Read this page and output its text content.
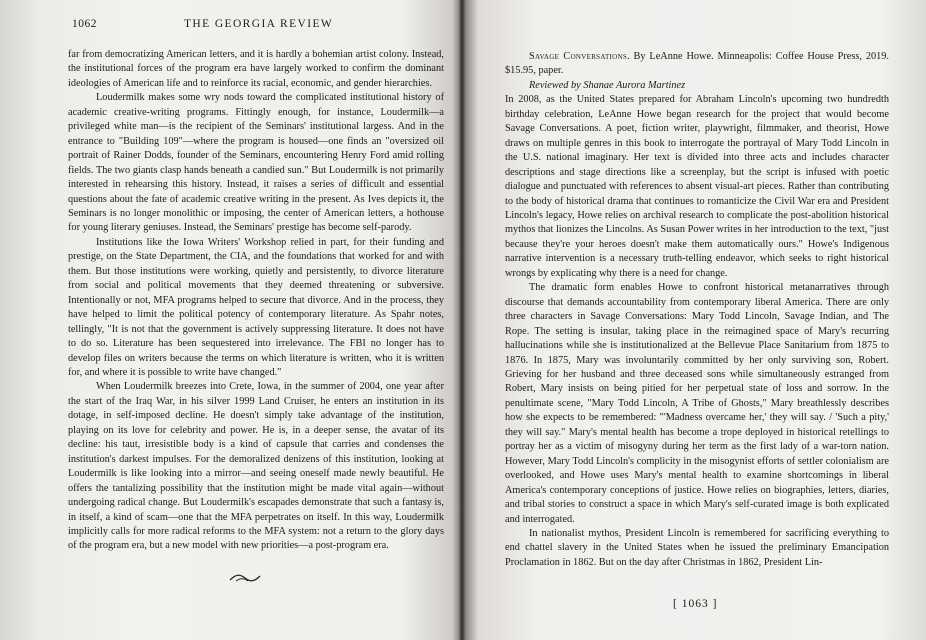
1062	THE GEORGIA REVIEW

far from democratizing American letters, and it is hardly a bohemian artist colony. Instead, the institutional forces of the program era have largely worked to confirm the dominant ideologies of American life and to reinforce its racial, economic, and gender hierarchies.

Loudermilk makes some wry nods toward the complicated institutional history of academic creative-writing programs. Fittingly enough, for instance, Loudermilk—a privileged white man—is the recipient of the Seminars' institutional largess. And in the entrance to "Building 109"—where the program is housed—one finds an "oversized oil portrait of Rainer Dodds, founder of the Seminars, encountering Henry Ford amid rolling fields. The two giants clasp hands beneath a candied sun." But Loudermilk is not primarily interested in rehearsing this history. Instead, it raises a series of difficult and essential questions about the fate of academic creative writing in the present. As Ives depicts it, the Seminars is no longer monolithic or imposing, the center of American letters, a hothouse for young literary geniuses. Instead, the Seminars' prestige has become self-parody.

Institutions like the Iowa Writers' Workshop relied in part, for their funding and prestige, on the State Department, the CIA, and the foundations that worked for and with them. But those institutions were working, quietly and persistently, to divorce literature from social and political movements that they deemed threatening or subversive. Intentionally or not, MFA programs helped to secure that divorce. And in the process, they have helped to limit the political potency of contemporary literature. As Spahr notes, tellingly, "It is not that the government is actively suppressing literature. It does not have to do so. Literature has been sequestered into irrelevance. The FBI no longer has to develop files on writers because the terms on which literature is written, who it is written for, and where it is possible to write have changed."

When Loudermilk breezes into Crete, Iowa, in the summer of 2004, one year after the start of the Iraq War, in his silver 1999 Land Cruiser, he enters an institution in its dotage, in self-imposed decline. He doesn't simply take advantage of the institution, playing on its love for celebrity and power. He is, in a deeper sense, the avatar of its decline: his taut, irresistible body is a kind of capsule that carries and condenses the institution's darkest impulses. For the demoralized denizens of this institution, looking at Loudermilk is like looking into a mirror—and seeing oneself made newly beautiful. He offers the tantalizing possibility that the institution might be made vital again—without undergoing radical change. But Loudermilk's escapades demonstrate that such a fantasy is, in itself, a kind of scam—one that the MFA perpetrates on itself. In this way, Loudermilk implicitly calls for more radical reforms to the MFA system: not a return to the glory days of the program era, but a new model with new priorities—a post-program era.

Savage Conversations. By LeAnne Howe. Minneapolis: Coffee House Press, 2019. $15.95, paper.

Reviewed by Shanae Aurora Martinez

In 2008, as the United States prepared for Abraham Lincoln's upcoming two hundredth birthday celebration, LeAnne Howe began research for the project that would become Savage Conversations. A poet, fiction writer, playwright, filmmaker, and theorist, Howe draws on multiple genres in this book to interrogate the portrayal of Mary Todd Lincoln in the U.S. national imaginary. Her text is divided into three acts and includes character descriptions and stage directions like a screenplay, but the script is infused with poetic dialogue and punctuated with references to absent visual-art pieces. Rather than contributing to the body of historical drama that continues to romanticize the Civil War era and President Lincoln's legacy, Howe relies on archival research to complicate the post-abolition historical mythos that lionizes the Lincolns. As Susan Power writes in her introduction to the text, "just because they're your heroes doesn't make them automatically ours." Howe's Indigenous narrative intervention is a necessary truth-telling endeavor, which seeks to right historical wrongs by explicating why there is a need for change.

The dramatic form enables Howe to confront historical metanarratives through discourse that demands accountability from contemporary liberal America. There are only three characters in Savage Conversations: Mary Todd Lincoln, Savage Indian, and The Rope. The setting is insular, taking place in the reimagined space of Mary's recurring hallucinations while she is institutionalized at the Bellevue Place Sanitarium from 1875 to 1876. In 1875, Mary was involuntarily committed by her only surviving son, Robert. Grieving for her husband and three deceased sons while simultaneously estranged from Robert, Mary insists on being pitied for her perpetual state of loss and sorrow. In the penultimate scene, "Mary Todd Lincoln, A Tribe of Ghosts," Mary breathlessly describes how she expects to be remembered: "'Madness overcame her,' they will say. / 'Such a pity,' they will say." Mary's mental health has become a trope deployed in historical retellings to portray her as a victim of misogyny during her term as the first lady of a war-torn nation. However, Mary Todd Lincoln's complicity in the misogynist efforts of settler colonialism are overlooked, and Howe uses Mary's mental health to examine shortcomings in liberal America's contemporary conceptions of justice. Howe relies on biographies, letters, diaries, and tribal stories to construct a space in which Mary's self-curated image is both explicated and interrogated.

In nationalist mythos, President Lincoln is remembered for sacrificing everything to end chattel slavery in the United States when he issued the preliminary Emancipation Proclamation in 1862. But on the day after Christmas in 1862, President Lin-

[ 1063 ]
